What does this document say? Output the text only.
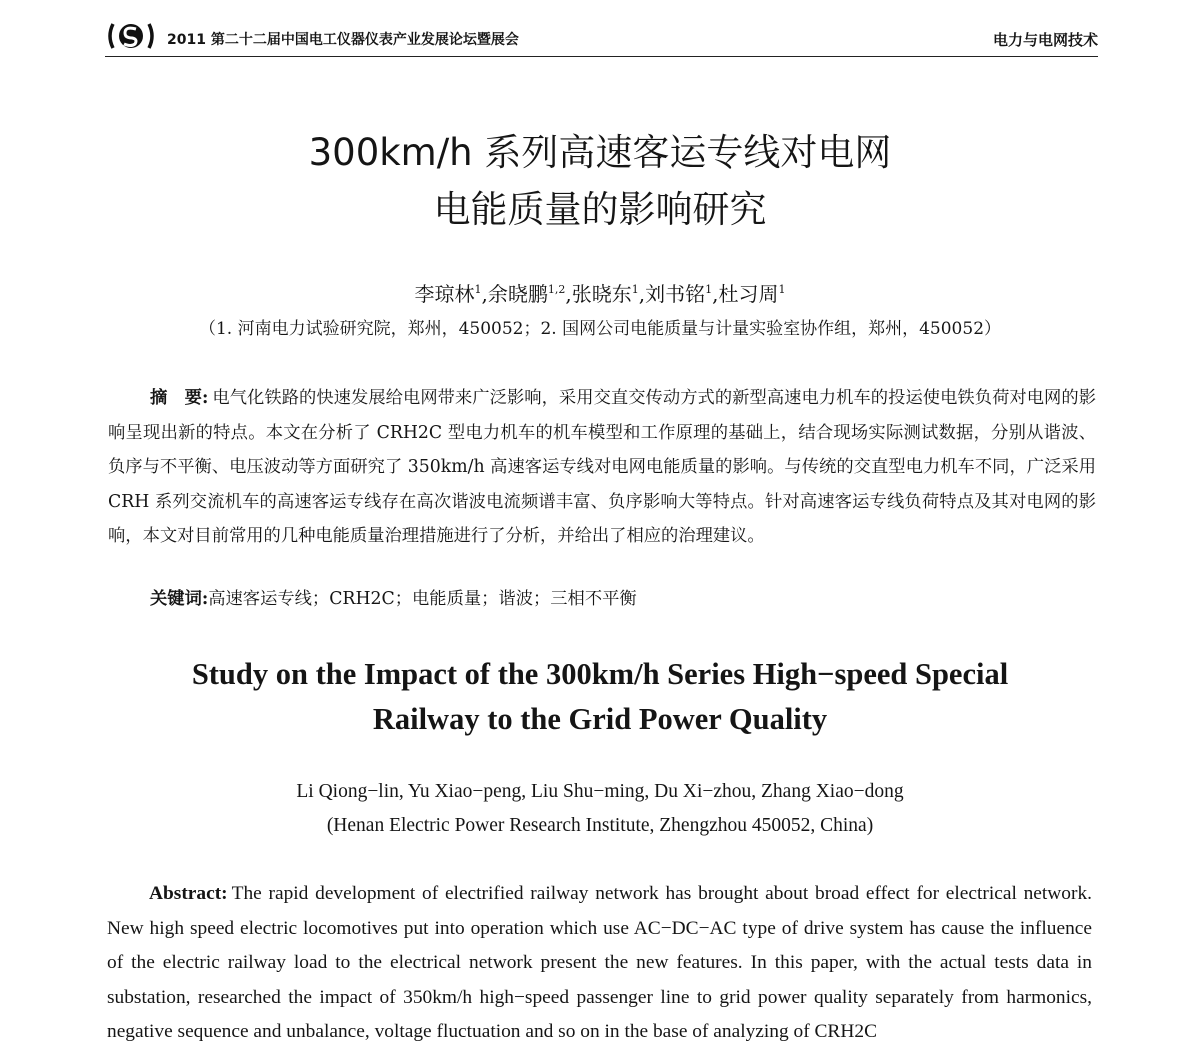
2011 第二十二届中国电工仪器仪表产业发展论坛暨展会	电力与电网技术
300km/h 系列高速客运专线对电网
电能质量的影响研究
李琼林$^1$,余晓鹏$^{1,2}$,张晓东$^1$,刘书铭$^1$,杜习周$^1$
（1. 河南电力试验研究院，郑州，450052；2. 国网公司电能质量与计量实验室协作组，郑州，450052）
摘　要: 电气化铁路的快速发展给电网带来广泛影响，采用交直交传动方式的新型高速电力机车的投运使电铁负荷对电网的影响呈现出新的特点。本文在分析了 CRH2C 型电力机车的机车模型和工作原理的基础上，结合现场实际测试数据，分别从谐波、负序与不平衡、电压波动等方面研究了 350km/h 高速客运专线对电网电能质量的影响。与传统的交直型电力机车不同，广泛采用 CRH 系列交流机车的高速客运专线存在高次谐波电流频谱丰富、负序影响大等特点。针对高速客运专线负荷特点及其对电网的影响，本文对目前常用的几种电能质量治理措施进行了分析，并给出了相应的治理建议。
关键词:高速客运专线；CRH2C；电能质量；谐波；三相不平衡
Study on the Impact of the 300km/h Series High−speed Special
Railway to the Grid Power Quality
Li Qiong−lin, Yu Xiao−peng, Liu Shu−ming, Du Xi−zhou, Zhang Xiao−dong
(Henan Electric Power Research Institute, Zhengzhou 450052, China)
Abstract: The rapid development of electrified railway network has brought about broad effect for electrical network. New high speed electric locomotives put into operation which use AC−DC−AC type of drive system has cause the influence of the electric railway load to the electrical network present the new features. In this paper, with the actual tests data in substation, researched the impact of 350km/h high−speed passenger line to grid power quality separately from harmonics, negative sequence and unbalance, voltage fluctuation and so on in the base of analyzing of CRH2C
